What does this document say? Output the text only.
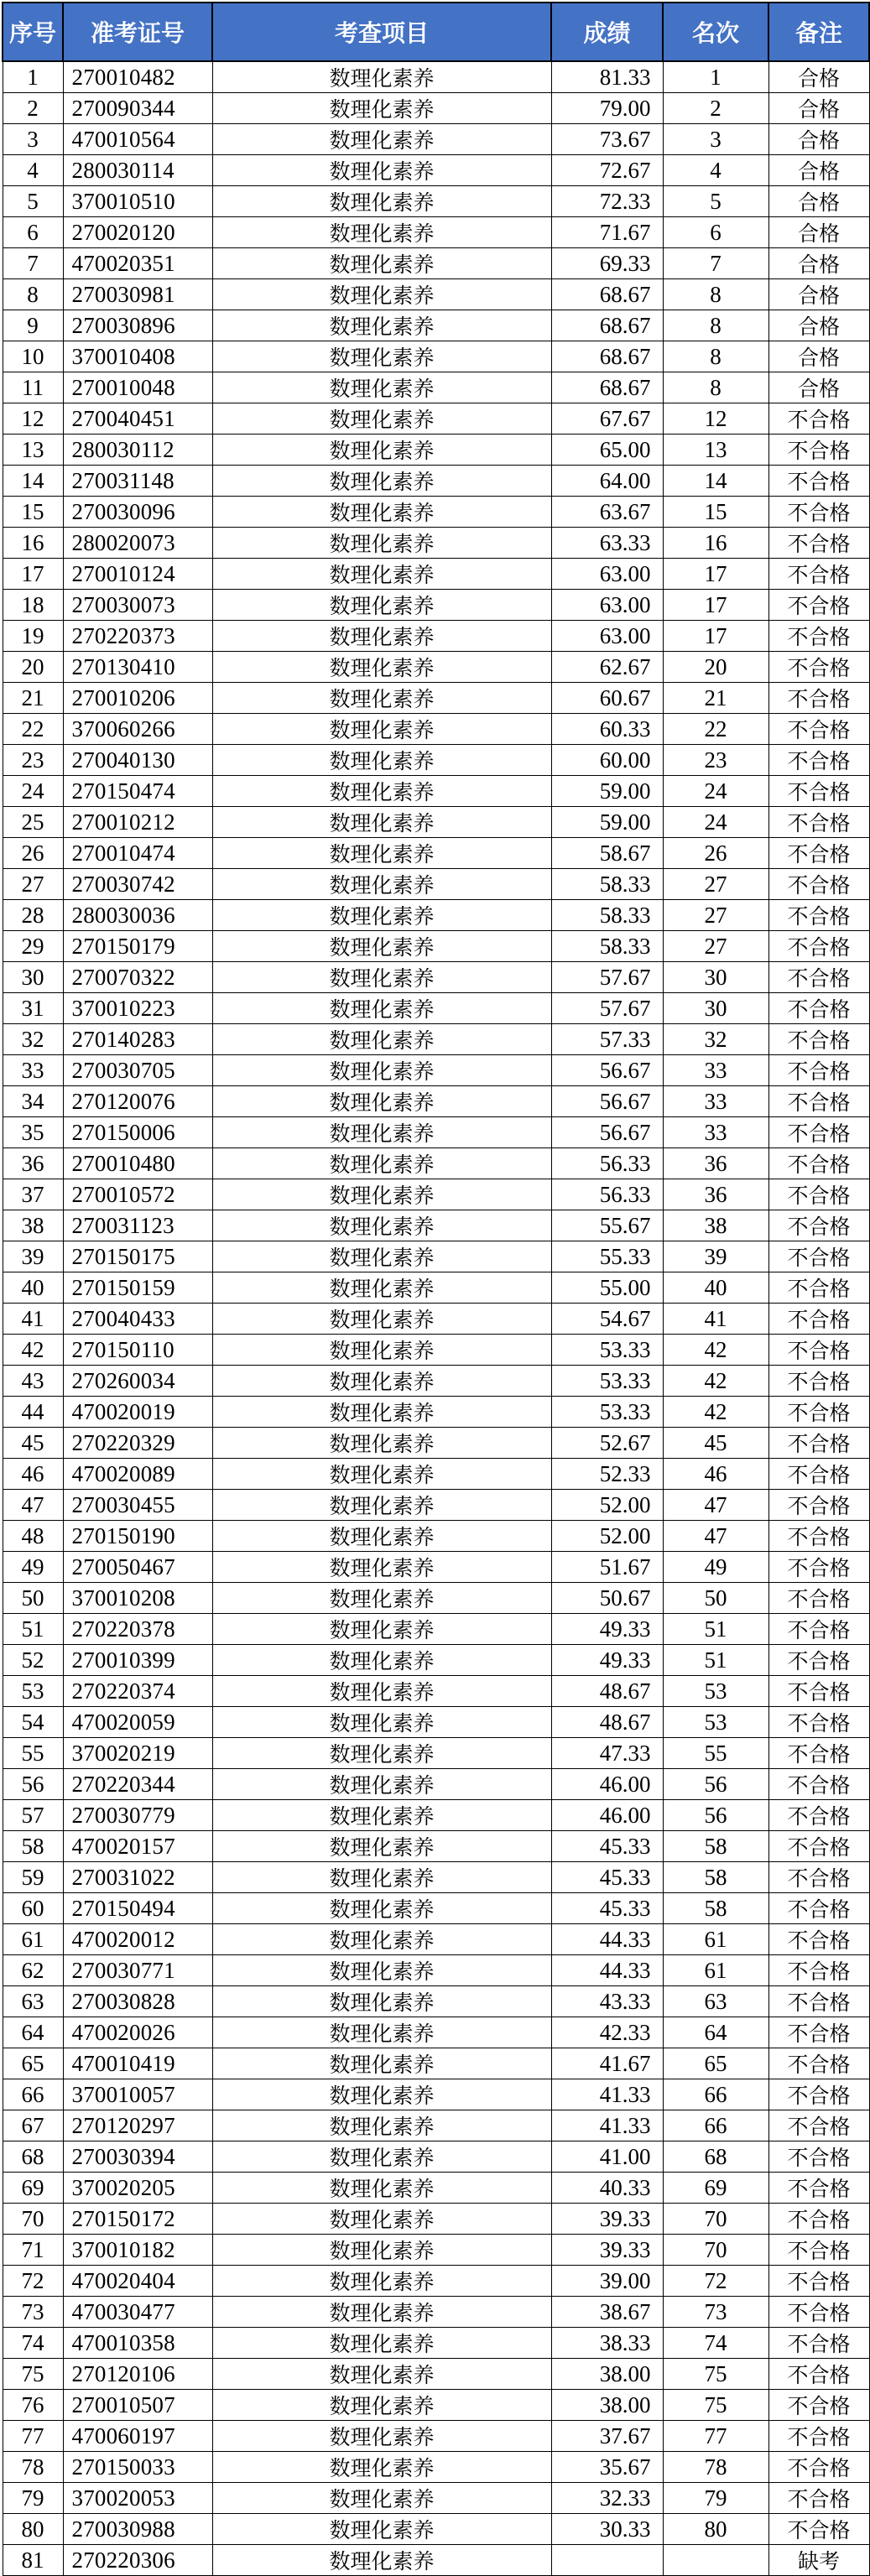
序号	准考证号	考查项目	成绩	名次	备注
1	270010482	数理化素养	81.33	1	合格
2	270090344	数理化素养	79.00	2	合格
3	470010564	数理化素养	73.67	3	合格
4	280030114	数理化素养	72.67	4	合格
5	370010510	数理化素养	72.33	5	合格
6	270020120	数理化素养	71.67	6	合格
7	470020351	数理化素养	69.33	7	合格
8	270030981	数理化素养	68.67	8	合格
9	270030896	数理化素养	68.67	8	合格
10	370010408	数理化素养	68.67	8	合格
11	270010048	数理化素养	68.67	8	合格
12	270040451	数理化素养	67.67	12	不合格
13	280030112	数理化素养	65.00	13	不合格
14	270031148	数理化素养	64.00	14	不合格
15	270030096	数理化素养	63.67	15	不合格
16	280020073	数理化素养	63.33	16	不合格
17	270010124	数理化素养	63.00	17	不合格
18	270030073	数理化素养	63.00	17	不合格
19	270220373	数理化素养	63.00	17	不合格
20	270130410	数理化素养	62.67	20	不合格
21	270010206	数理化素养	60.67	21	不合格
22	370060266	数理化素养	60.33	22	不合格
23	270040130	数理化素养	60.00	23	不合格
24	270150474	数理化素养	59.00	24	不合格
25	270010212	数理化素养	59.00	24	不合格
26	270010474	数理化素养	58.67	26	不合格
27	270030742	数理化素养	58.33	27	不合格
28	280030036	数理化素养	58.33	27	不合格
29	270150179	数理化素养	58.33	27	不合格
30	270070322	数理化素养	57.67	30	不合格
31	370010223	数理化素养	57.67	30	不合格
32	270140283	数理化素养	57.33	32	不合格
33	270030705	数理化素养	56.67	33	不合格
34	270120076	数理化素养	56.67	33	不合格
35	270150006	数理化素养	56.67	33	不合格
36	270010480	数理化素养	56.33	36	不合格
37	270010572	数理化素养	56.33	36	不合格
38	270031123	数理化素养	55.67	38	不合格
39	270150175	数理化素养	55.33	39	不合格
40	270150159	数理化素养	55.00	40	不合格
41	270040433	数理化素养	54.67	41	不合格
42	270150110	数理化素养	53.33	42	不合格
43	270260034	数理化素养	53.33	42	不合格
44	470020019	数理化素养	53.33	42	不合格
45	270220329	数理化素养	52.67	45	不合格
46	470020089	数理化素养	52.33	46	不合格
47	270030455	数理化素养	52.00	47	不合格
48	270150190	数理化素养	52.00	47	不合格
49	270050467	数理化素养	51.67	49	不合格
50	370010208	数理化素养	50.67	50	不合格
51	270220378	数理化素养	49.33	51	不合格
52	270010399	数理化素养	49.33	51	不合格
53	270220374	数理化素养	48.67	53	不合格
54	470020059	数理化素养	48.67	53	不合格
55	370020219	数理化素养	47.33	55	不合格
56	270220344	数理化素养	46.00	56	不合格
57	270030779	数理化素养	46.00	56	不合格
58	470020157	数理化素养	45.33	58	不合格
59	270031022	数理化素养	45.33	58	不合格
60	270150494	数理化素养	45.33	58	不合格
61	470020012	数理化素养	44.33	61	不合格
62	270030771	数理化素养	44.33	61	不合格
63	270030828	数理化素养	43.33	63	不合格
64	470020026	数理化素养	42.33	64	不合格
65	470010419	数理化素养	41.67	65	不合格
66	370010057	数理化素养	41.33	66	不合格
67	270120297	数理化素养	41.33	66	不合格
68	270030394	数理化素养	41.00	68	不合格
69	370020205	数理化素养	40.33	69	不合格
70	270150172	数理化素养	39.33	70	不合格
71	370010182	数理化素养	39.33	70	不合格
72	470020404	数理化素养	39.00	72	不合格
73	470030477	数理化素养	38.67	73	不合格
74	470010358	数理化素养	38.33	74	不合格
75	270120106	数理化素养	38.00	75	不合格
76	270010507	数理化素养	38.00	75	不合格
77	470060197	数理化素养	37.67	77	不合格
78	270150033	数理化素养	35.67	78	不合格
79	370020053	数理化素养	32.33	79	不合格
80	270030988	数理化素养	30.33	80	不合格
81	270220306	数理化素养			缺考
